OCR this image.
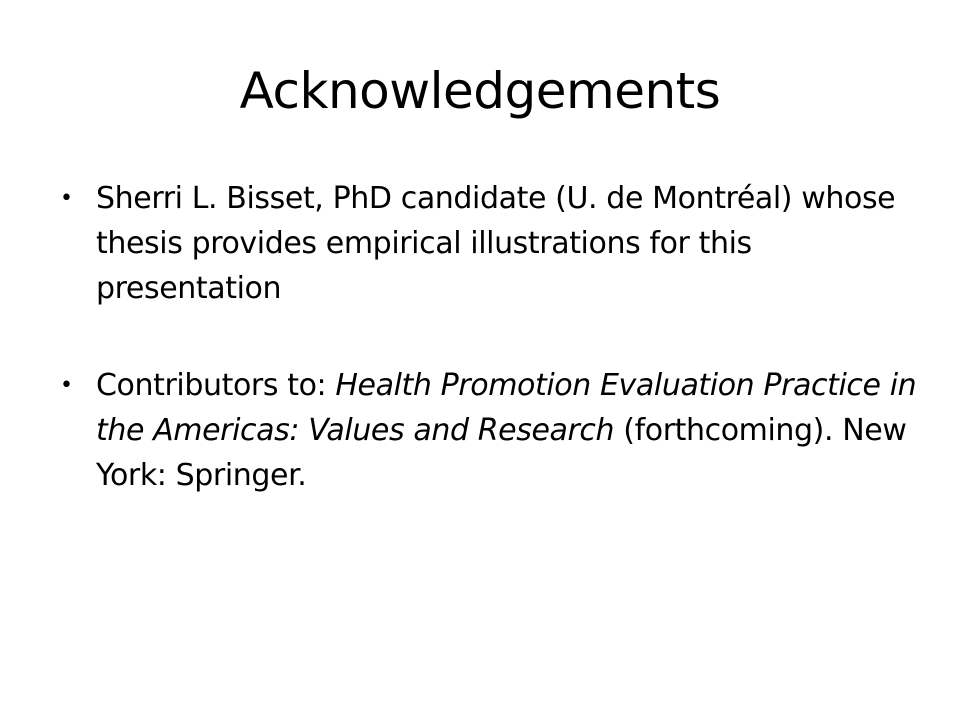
Acknowledgements
• Sherri L. Bisset, PhD candidate (U. de Montréal) whose thesis provides empirical illustrations for this presentation
• Contributors to: Health Promotion Evaluation Practice in the Americas: Values and Research (forthcoming). New York: Springer.
